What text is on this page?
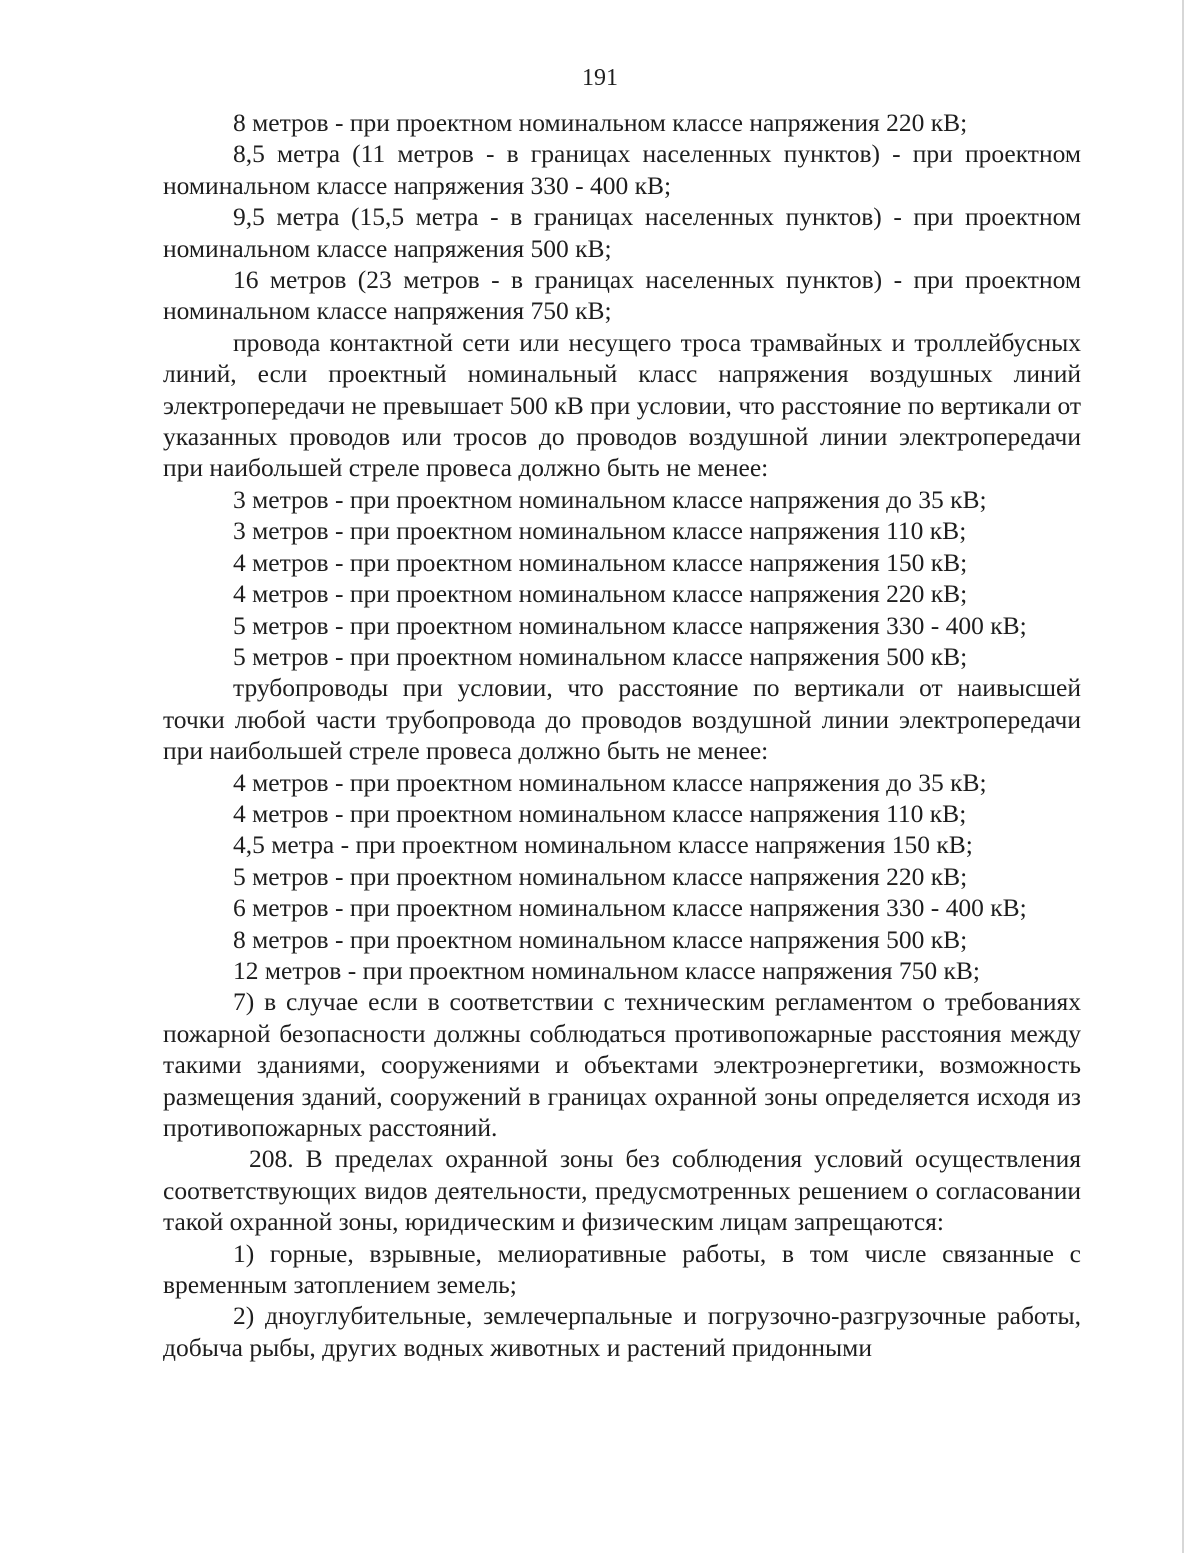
191

8 метров - при проектном номинальном классе напряжения 220 кВ;

8,5 метра (11 метров - в границах населенных пунктов) - при проектном номинальном классе напряжения 330 - 400 кВ;

9,5 метра (15,5 метра - в границах населенных пунктов) - при проектном номинальном классе напряжения 500 кВ;

16 метров (23 метров - в границах населенных пунктов) - при проектном номинальном классе напряжения 750 кВ;

провода контактной сети или несущего троса трамвайных и троллейбусных линий, если проектный номинальный класс напряжения воздушных линий электропередачи не превышает 500 кВ при условии, что расстояние по вертикали от указанных проводов или тросов до проводов воздушной линии электропередачи при наибольшей стреле провеса должно быть не менее:

3 метров - при проектном номинальном классе напряжения до 35 кВ;

3 метров - при проектном номинальном классе напряжения 110 кВ;

4 метров - при проектном номинальном классе напряжения 150 кВ;

4 метров - при проектном номинальном классе напряжения 220 кВ;

5 метров - при проектном номинальном классе напряжения 330 - 400 кВ;

5 метров - при проектном номинальном классе напряжения 500 кВ;

трубопроводы при условии, что расстояние по вертикали от наивысшей точки любой части трубопровода до проводов воздушной линии электропередачи при наибольшей стреле провеса должно быть не менее:

4 метров - при проектном номинальном классе напряжения до 35 кВ;

4 метров - при проектном номинальном классе напряжения 110 кВ;

4,5 метра - при проектном номинальном классе напряжения 150 кВ;

5 метров - при проектном номинальном классе напряжения 220 кВ;

6 метров - при проектном номинальном классе напряжения 330 - 400 кВ;

8 метров - при проектном номинальном классе напряжения 500 кВ;

12 метров - при проектном номинальном классе напряжения 750 кВ;

7) в случае если в соответствии с техническим регламентом о требованиях пожарной безопасности должны соблюдаться противопожарные расстояния между такими зданиями, сооружениями и объектами электроэнергетики, возможность размещения зданий, сооружений в границах охранной зоны определяется исходя из противопожарных расстояний.

208. В пределах охранной зоны без соблюдения условий осуществления соответствующих видов деятельности, предусмотренных решением о согласовании такой охранной зоны, юридическим и физическим лицам запрещаются:

1) горные, взрывные, мелиоративные работы, в том числе связанные с временным затоплением земель;

2) дноуглубительные, землечерпальные и погрузочно-разгрузочные работы, добыча рыбы, других водных животных и растений придонными
